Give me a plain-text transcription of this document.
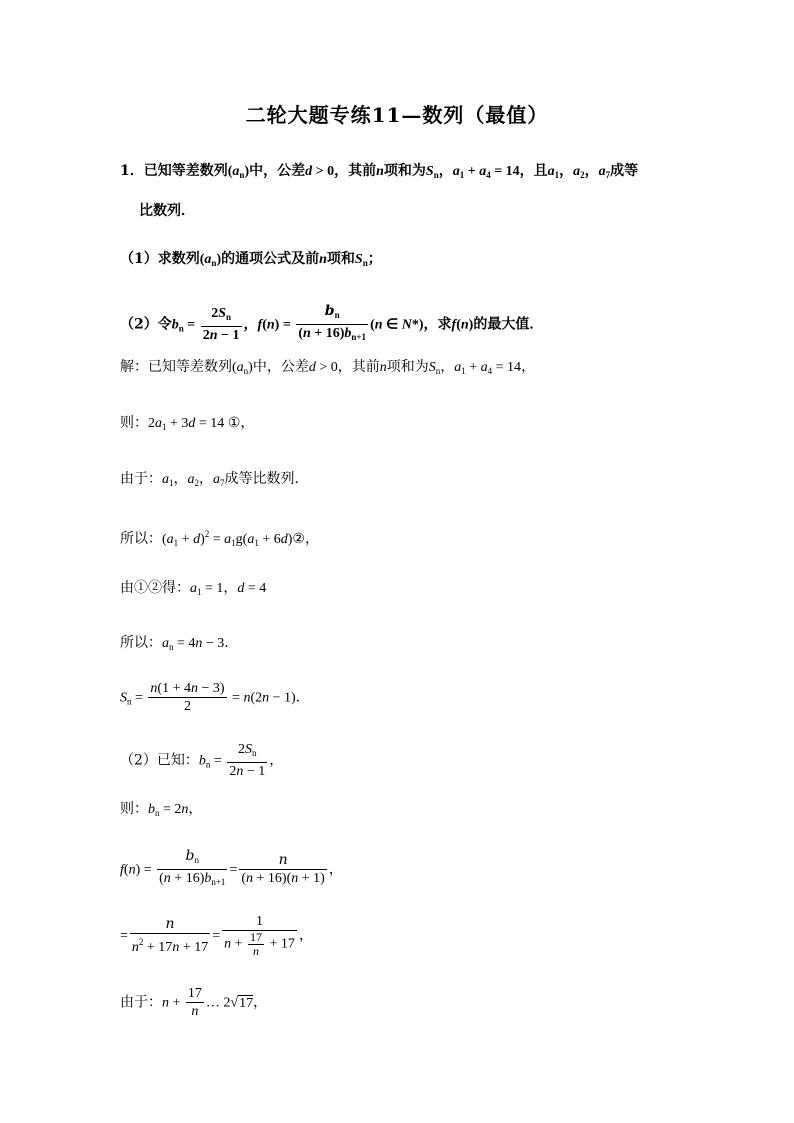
二轮大题专练11—数列（最值）
1．已知等差数列$(a_n)$中，公差d > 0，其前n项和为$S_n$，$a_1 + a_4 = 14$，且$a_1$，$a_2$，$a_7$成等
比数列．
（1）求数列$(a_n)$的通项公式及前n项和$S_n$；
（2）令$b_n = \frac{2S_n}{2n - 1}$ ，$f(n) = \frac{b_n}{(n + 16)b_{n+1}} (n$ ∈ N*)，求f(n)的最大值．
解：已知等差数列$(a_n)$中，公差d > 0，其前n项和为$S_n$，$a_1 + a_4 = 14$，
则：$2a_1 + 3d = 14$ ①，
由于：$a_1$，$a_2$，$a_7$成等比数列．
所以：$(a_1 + d)^2 = a_1g(a_1$ + 6d)②，
由①②得：$a_1 = 1$，d = 4
所以：$a_n = 4n - 3$．
$S_n = \frac{n(1 + 4n - 3)}{2} = n(2n - 1)$．
（2）已知：$b_n = \frac{2S_n}{2n - 1}$ ，
则：$b_n = 2n$，
$f(n) = \frac{b_n}{(n + 16)b_{n+1}} = \frac{n}{(n + 16)(n + 1)}$ ，
= $\frac{n}{n^2 + 17n + 17} = \frac{1}{n + \frac{17}{n} + 17}$ ，
由于：$n + \frac{17}{n}$ … 2√17，
